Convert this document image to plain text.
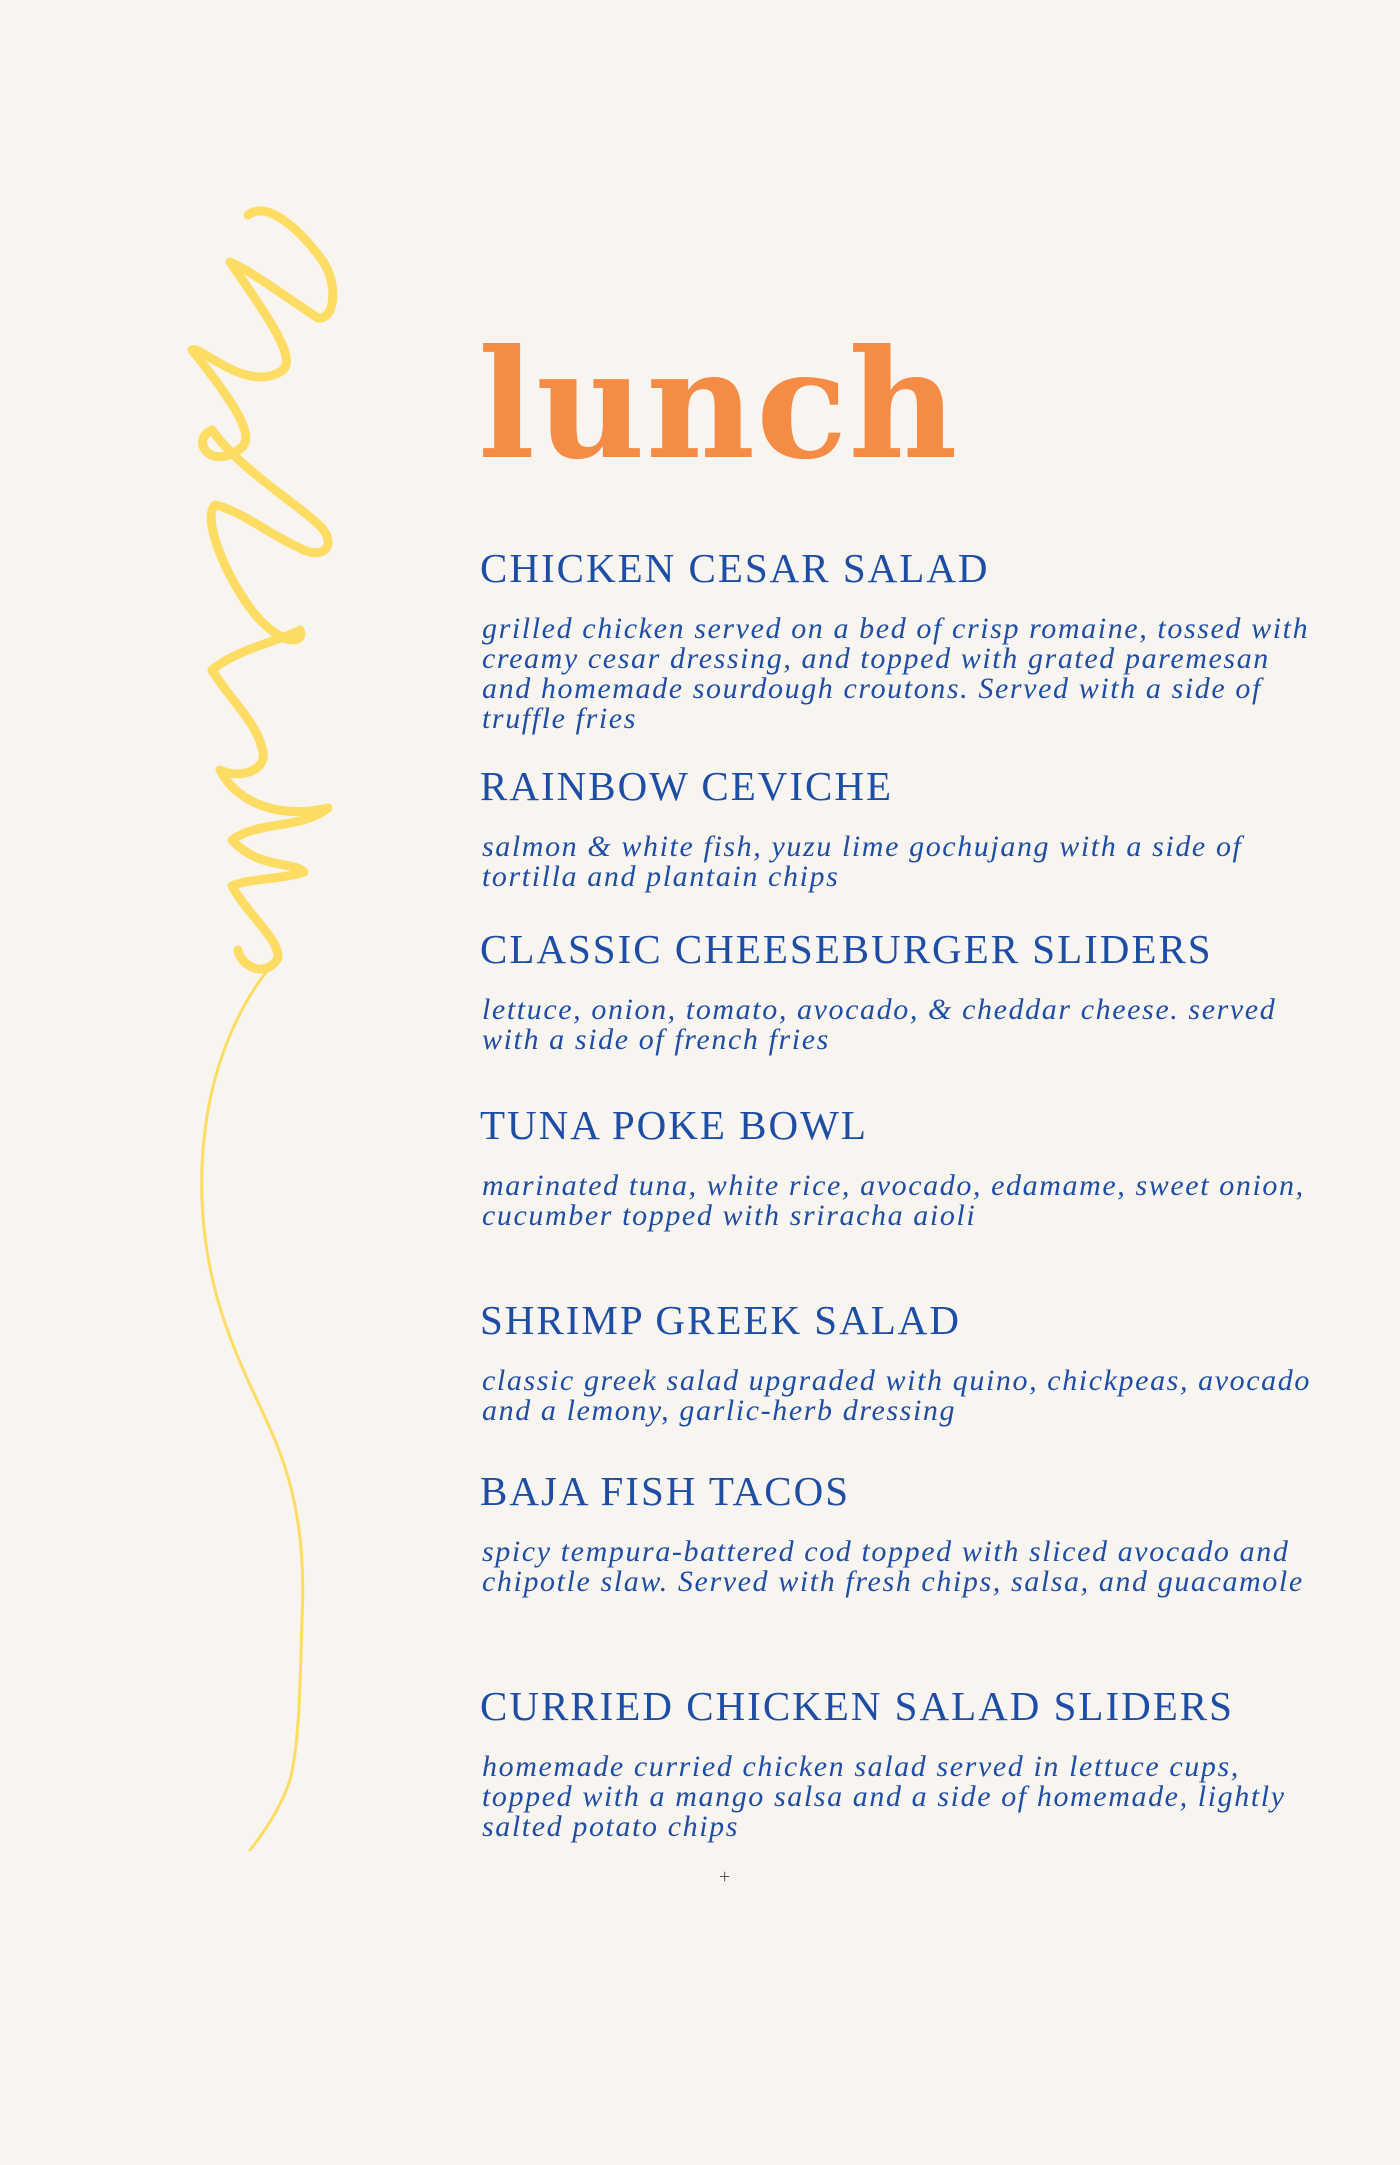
lunch
CHICKEN CESAR SALAD

grilled chicken served on a bed of crisp romaine, tossed with creamy cesar dressing, and topped with grated paremesan and homemade sourdough croutons. Served with a side of truffle fries

RAINBOW CEVICHE

salmon & white fish, yuzu lime gochujang with a side of tortilla and plantain chips

CLASSIC CHEESEBURGER SLIDERS

lettuce, onion, tomato, avocado, & cheddar cheese. served with a side of french fries

TUNA POKE BOWL

marinated tuna, white rice, avocado, edamame, sweet onion, cucumber topped with sriracha aioli

SHRIMP GREEK SALAD

classic greek salad upgraded with quino, chickpeas, avocado and a lemony, garlic-herb dressing

BAJA FISH TACOS

spicy tempura-battered cod topped with sliced avocado and chipotle slaw. Served with fresh chips, salsa, and guacamole

CURRIED CHICKEN SALAD SLIDERS

homemade curried chicken salad served in lettuce cups, topped with a mango salsa and a side of homemade, lightly salted potato chips

+
